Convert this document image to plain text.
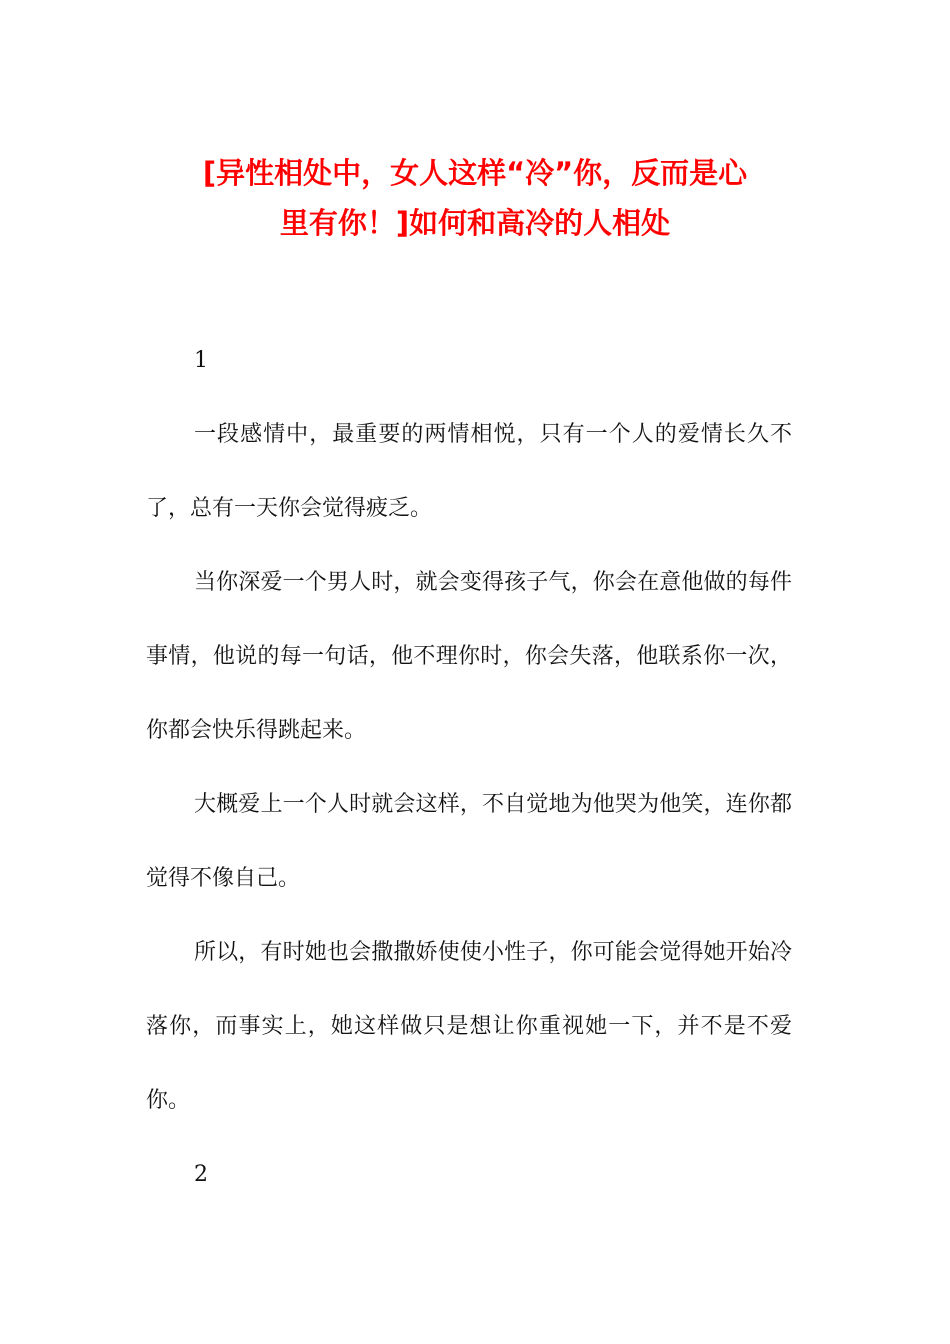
[异性相处中，女人这样“冷”你，反而是心
里有你！]如何和高冷的人相处

1

一段感情中，最重要的两情相悦，只有一个人的爱情长久不了，总有一天你会觉得疲乏。

当你深爱一个男人时，就会变得孩子气，你会在意他做的每件事情，他说的每一句话，他不理你时，你会失落，他联系你一次，你都会快乐得跳起来。

大概爱上一个人时就会这样，不自觉地为他哭为他笑，连你都觉得不像自己。

所以，有时她也会撒撒娇使使小性子，你可能会觉得她开始冷落你，而事实上，她这样做只是想让你重视她一下，并不是不爱你。

2
